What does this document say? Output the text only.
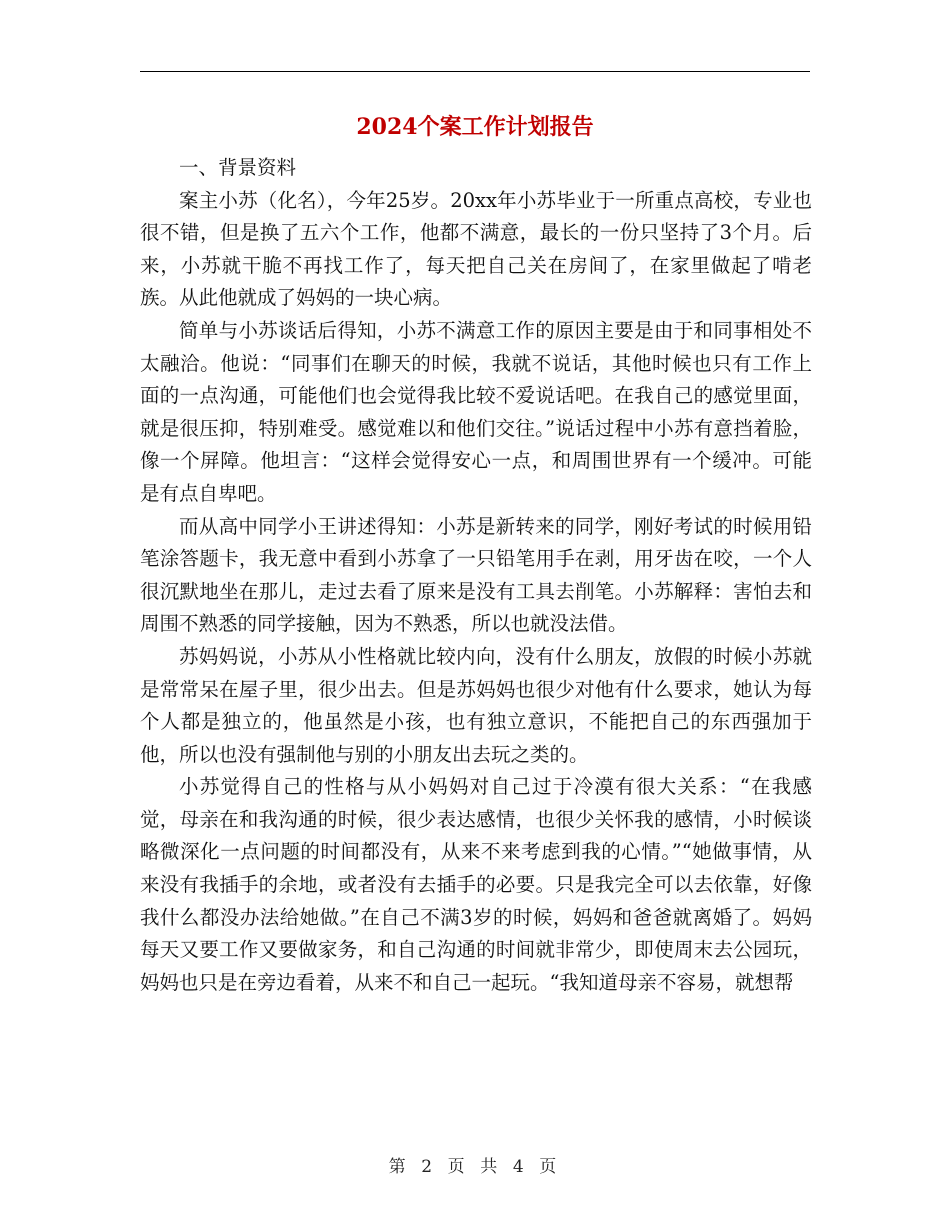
2024个案工作计划报告

一、背景资料

案主小苏（化名），今年25岁。20xx年小苏毕业于一所重点高校，专业也很不错，但是换了五六个工作，他都不满意，最长的一份只坚持了3个月。后来，小苏就干脆不再找工作了，每天把自己关在房间了，在家里做起了啃老族。从此他就成了妈妈的一块心病。

简单与小苏谈话后得知，小苏不满意工作的原因主要是由于和同事相处不太融洽。他说：“同事们在聊天的时候，我就不说话，其他时候也只有工作上面的一点沟通，可能他们也会觉得我比较不爱说话吧。在我自己的感觉里面，就是很压抑，特别难受。感觉难以和他们交往。”说话过程中小苏有意挡着脸，像一个屏障。他坦言：“这样会觉得安心一点，和周围世界有一个缓冲。可能是有点自卑吧。

而从高中同学小王讲述得知：小苏是新转来的同学，刚好考试的时候用铅笔涂答题卡，我无意中看到小苏拿了一只铅笔用手在剥，用牙齿在咬，一个人很沉默地坐在那儿，走过去看了原来是没有工具去削笔。小苏解释：害怕去和周围不熟悉的同学接触，因为不熟悉，所以也就没法借。

苏妈妈说，小苏从小性格就比较内向，没有什么朋友，放假的时候小苏就是常常呆在屋子里，很少出去。但是苏妈妈也很少对他有什么要求，她认为每个人都是独立的，他虽然是小孩，也有独立意识，不能把自己的东西强加于他，所以也没有强制他与别的小朋友出去玩之类的。

小苏觉得自己的性格与从小妈妈对自己过于冷漠有很大关系：“在我感觉，母亲在和我沟通的时候，很少表达感情，也很少关怀我的感情，小时候谈略微深化一点问题的时间都没有，从来不来考虑到我的心情。”“她做事情，从来没有我插手的余地，或者没有去插手的必要。只是我完全可以去依靠，好像我什么都没办法给她做。”在自己不满3岁的时候，妈妈和爸爸就离婚了。妈妈每天又要工作又要做家务，和自己沟通的时间就非常少，即使周末去公园玩，妈妈也只是在旁边看着，从来不和自己一起玩。“我知道母亲不容易，就想帮

第 2 页 共 4 页
